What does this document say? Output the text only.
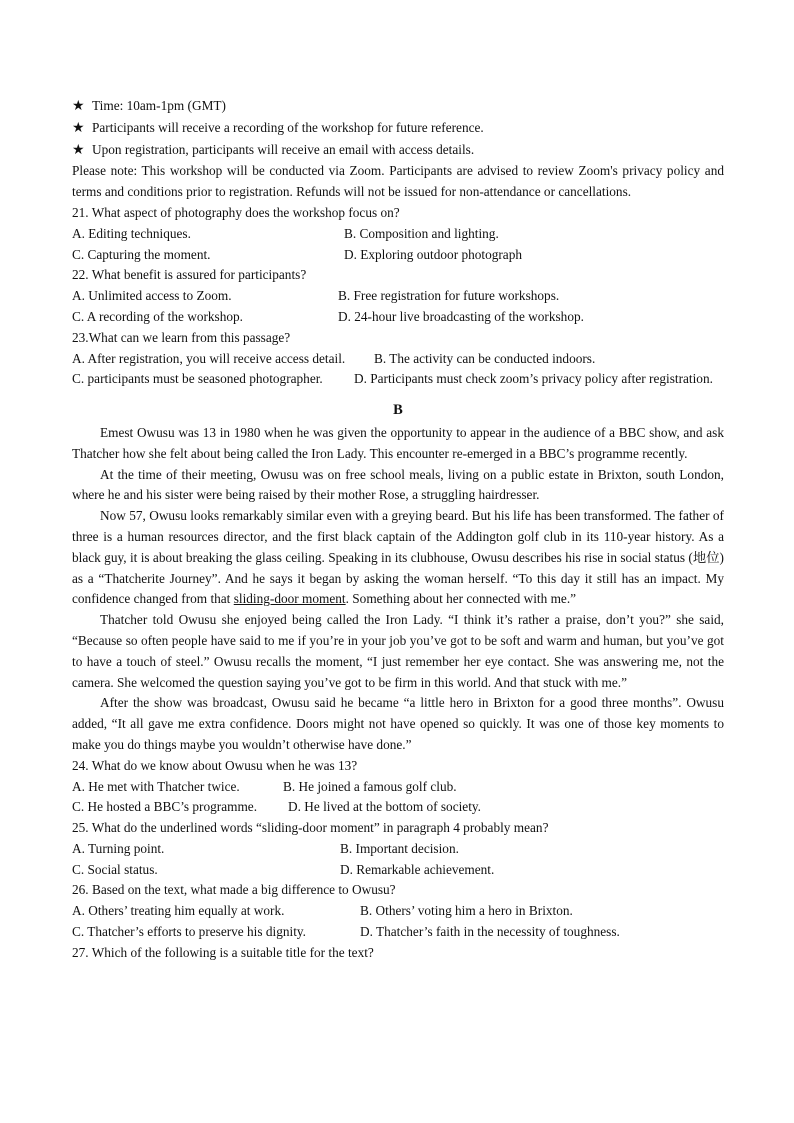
★ Time: 10am-1pm (GMT)
★ Participants will receive a recording of the workshop for future reference.
★ Upon registration, participants will receive an email with access details.

Please note: This workshop will be conducted via Zoom. Participants are advised to review Zoom's privacy policy and terms and conditions prior to registration. Refunds will not be issued for non-attendance or cancellations.

21. What aspect of photography does the workshop focus on?
A. Editing techniques.	B. Composition and lighting.
C. Capturing the moment.	D. Exploring outdoor photograph
22. What benefit is assured for participants?
A. Unlimited access to Zoom.	B. Free registration for future workshops.
C. A recording of the workshop.	D. 24-hour live broadcasting of the workshop.
23.What can we learn from this passage?
A. After registration, you will receive access detail. B. The activity can be conducted indoors.
C. participants must be seasoned photographer. D. Participants must check zoom’s privacy policy after registration.
B

Emest Owusu was 13 in 1980 when he was given the opportunity to appear in the audience of a BBC show, and ask Thatcher how she felt about being called the Iron Lady. This encounter re-emerged in a BBC’s programme recently.

At the time of their meeting, Owusu was on free school meals, living on a public estate in Brixton, south London, where he and his sister were being raised by their mother Rose, a struggling hairdresser.

Now 57, Owusu looks remarkably similar even with a greying beard. But his life has been transformed. The father of three is a human resources director, and the first black captain of the Addington golf club in its 110-year history. As a black guy, it is about breaking the glass ceiling. Speaking in its clubhouse, Owusu describes his rise in social status (地位) as a “Thatcherite Journey”. And he says it began by asking the woman herself. “To this day it still has an impact. My confidence changed from that sliding-door moment. Something about her connected with me.”

Thatcher told Owusu she enjoyed being called the Iron Lady. “I think it’s rather a praise, don’t you?” she said, “Because so often people have said to me if you’re in your job you’ve got to be soft and warm and human, but you’ve got to have a touch of steel.” Owusu recalls the moment, “I just remember her eye contact. She was answering me, not the camera. She welcomed the question saying you’ve got to be firm in this world. And that stuck with me.”

After the show was broadcast, Owusu said he became “a little hero in Brixton for a good three months”. Owusu added, “It all gave me extra confidence. Doors might not have opened so quickly. It was one of those key moments to make you do things maybe you wouldn’t otherwise have done.”

24. What do we know about Owusu when he was 13?
A. He met with Thatcher twice.	B. He joined a famous golf club.
C. He hosted a BBC’s programme. D. He lived at the bottom of society.
25. What do the underlined words “sliding-door moment” in paragraph 4 probably mean?
A. Turning point.	B. Important decision.
C. Social status.	D. Remarkable achievement.
26. Based on the text, what made a big difference to Owusu?
A. Others’ treating him equally at work.	B. Others’ voting him a hero in Brixton.
C. Thatcher’s efforts to preserve his dignity.	D. Thatcher’s faith in the necessity of toughness.
27. Which of the following is a suitable title for the text?
